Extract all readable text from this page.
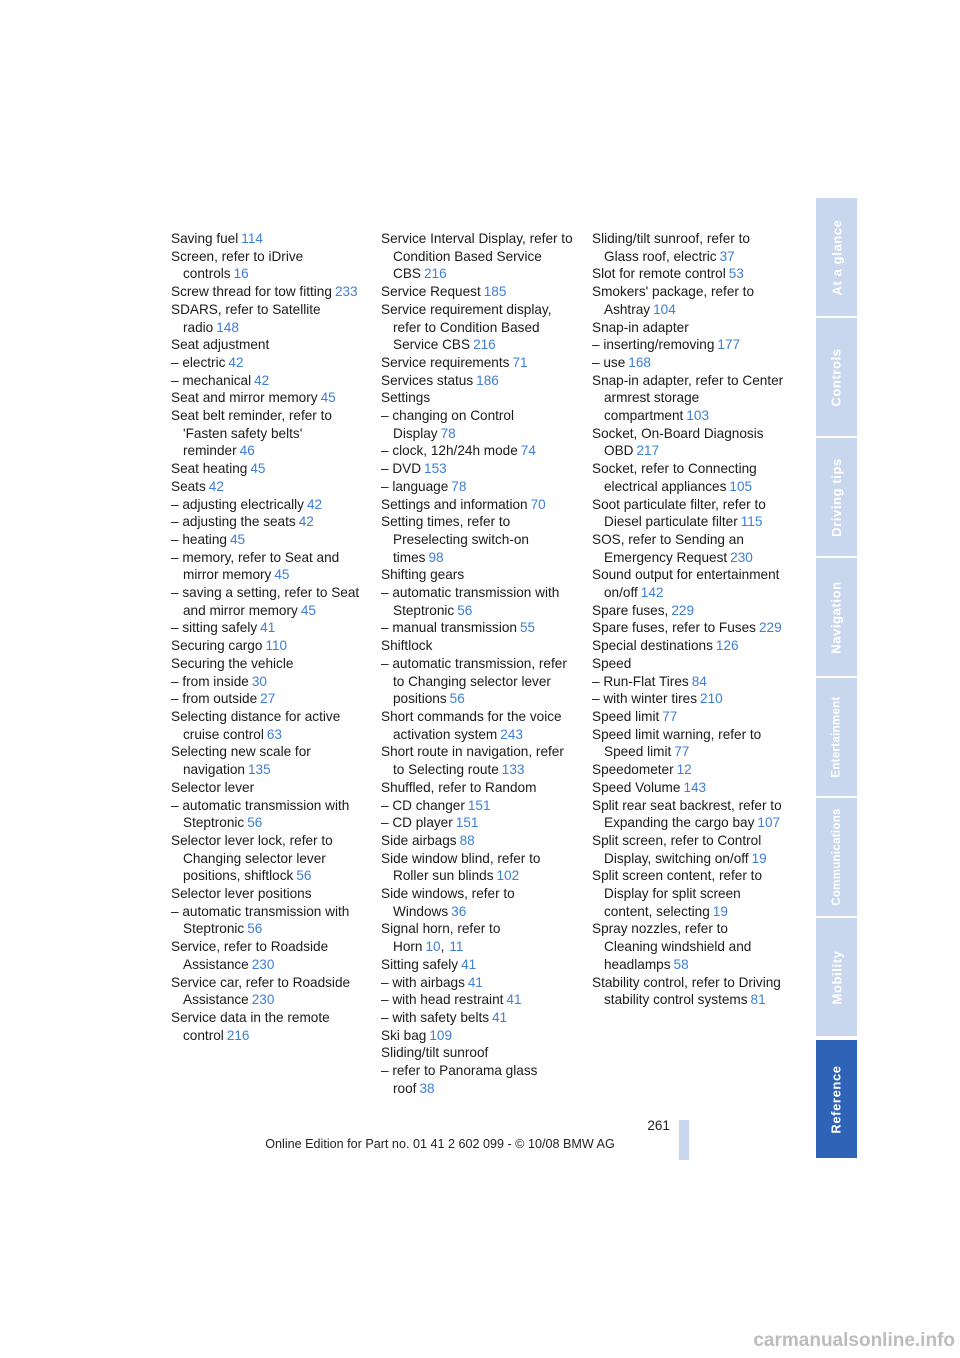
Saving fuel 114
Screen, refer to iDrive controls 16
Screw thread for tow fitting 233
SDARS, refer to Satellite radio 148
Seat adjustment
– electric 42
– mechanical 42
Seat and mirror memory 45
Seat belt reminder, refer to 'Fasten safety belts' reminder 46
Seat heating 45
Seats 42
– adjusting electrically 42
– adjusting the seats 42
– heating 45
– memory, refer to Seat and mirror memory 45
– saving a setting, refer to Seat and mirror memory 45
– sitting safely 41
Securing cargo 110
Securing the vehicle
– from inside 30
– from outside 27
Selecting distance for active cruise control 63
Selecting new scale for navigation 135
Selector lever
– automatic transmission with Steptronic 56
Selector lever lock, refer to Changing selector lever positions, shiftlock 56
Selector lever positions
– automatic transmission with Steptronic 56
Service, refer to Roadside Assistance 230
Service car, refer to Roadside Assistance 230
Service data in the remote control 216
Service Interval Display, refer to Condition Based Service CBS 216
Service Request 185
Service requirement display, refer to Condition Based Service CBS 216
Service requirements 71
Services status 186
Settings
– changing on Control Display 78
– clock, 12h/24h mode 74
– DVD 153
– language 78
Settings and information 70
Setting times, refer to Preselecting switch-on times 98
Shifting gears
– automatic transmission with Steptronic 56
– manual transmission 55
Shiftlock
– automatic transmission, refer to Changing selector lever positions 56
Short commands for the voice activation system 243
Short route in navigation, refer to Selecting route 133
Shuffled, refer to Random
– CD changer 151
– CD player 151
Side airbags 88
Side window blind, refer to Roller sun blinds 102
Side windows, refer to Windows 36
Signal horn, refer to Horn 10, 11
Sitting safely 41
– with airbags 41
– with head restraint 41
– with safety belts 41
Ski bag 109
Sliding/tilt sunroof
– refer to Panorama glass roof 38
Sliding/tilt sunroof, refer to Glass roof, electric 37
Slot for remote control 53
Smokers' package, refer to Ashtray 104
Snap-in adapter
– inserting/removing 177
– use 168
Snap-in adapter, refer to Center armrest storage compartment 103
Socket, On-Board Diagnosis OBD 217
Socket, refer to Connecting electrical appliances 105
Soot particulate filter, refer to Diesel particulate filter 115
SOS, refer to Sending an Emergency Request 230
Sound output for entertainment on/off 142
Spare fuses, 229
Spare fuses, refer to Fuses 229
Special destinations 126
Speed
– Run-Flat Tires 84
– with winter tires 210
Speed limit 77
Speed limit warning, refer to Speed limit 77
Speedometer 12
Speed Volume 143
Split rear seat backrest, refer to Expanding the cargo bay 107
Split screen, refer to Control Display, switching on/off 19
Split screen content, refer to Display for split screen content, selecting 19
Spray nozzles, refer to Cleaning windshield and headlamps 58
Stability control, refer to Driving stability control systems 81
At a glance
Controls
Driving tips
Navigation
Entertainment
Communications
Mobility
Reference
261
Online Edition for Part no. 01 41 2 602 099 - © 10/08 BMW AG
carmanualsonline.info
